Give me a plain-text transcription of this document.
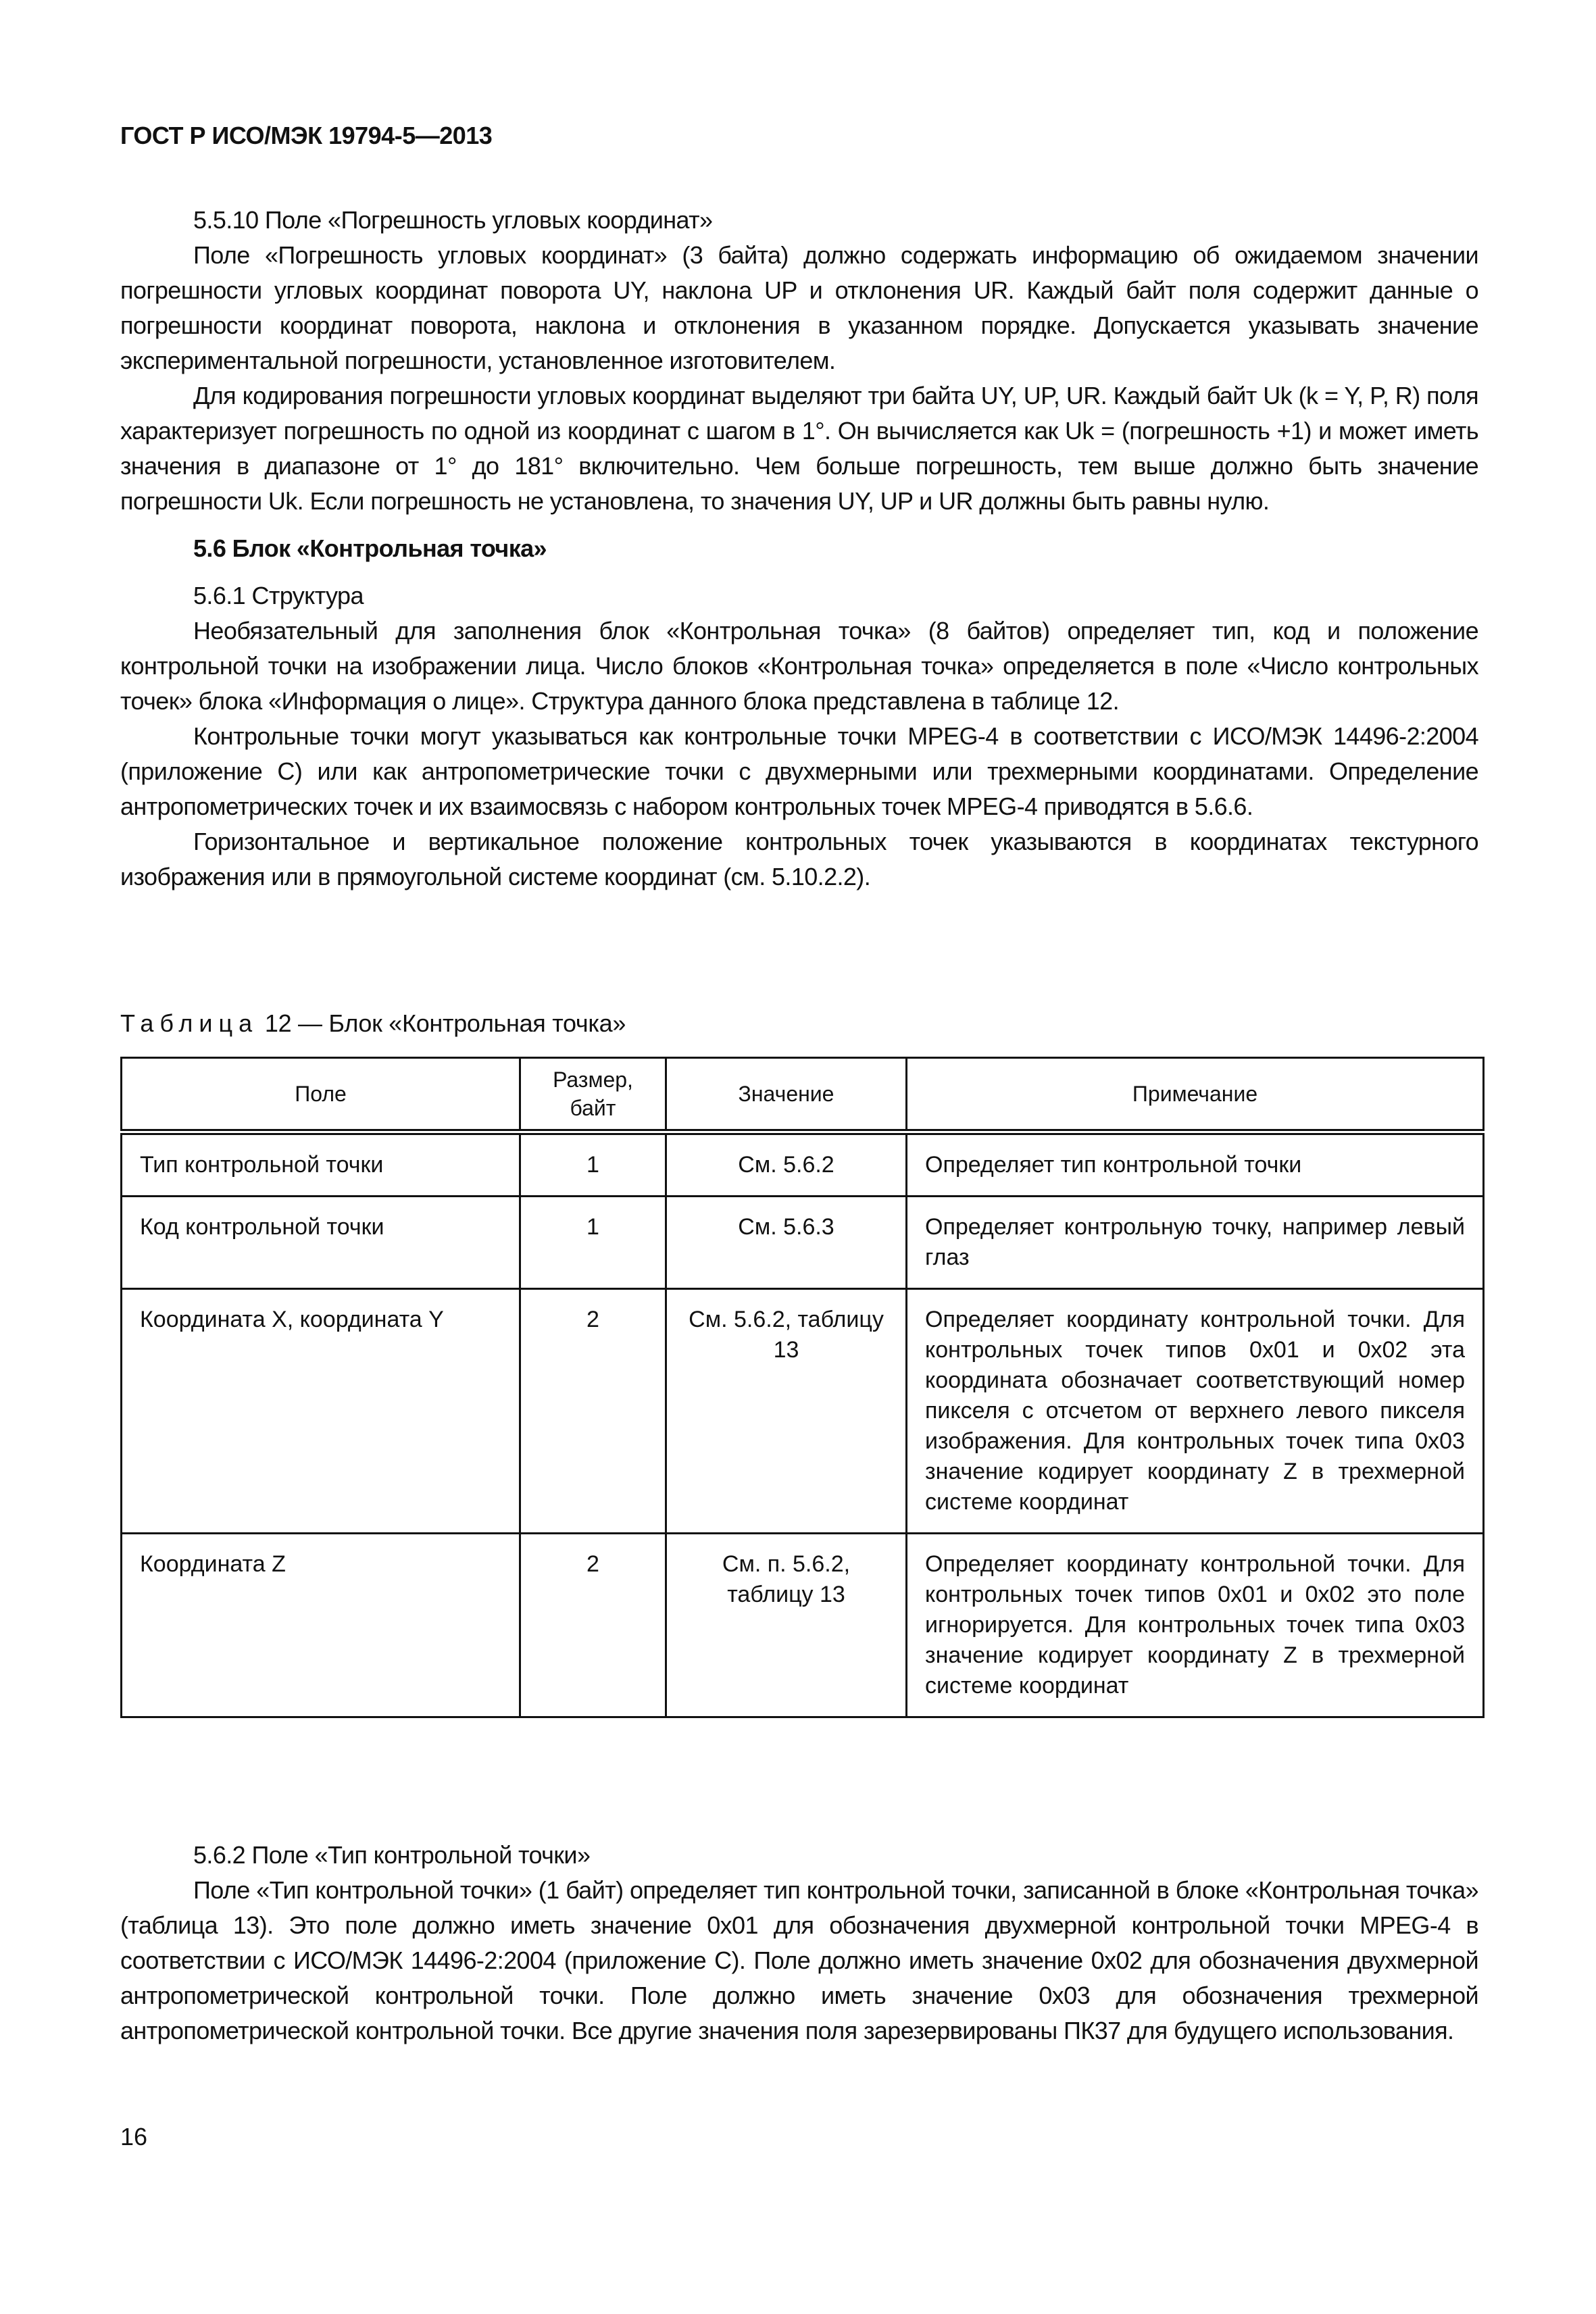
ГОСТ Р ИСО/МЭК 19794-5—2013

5.5.10 Поле «Погрешность угловых координат»

Поле «Погрешность угловых координат» (3 байта) должно содержать информацию об ожидаемом значении погрешности угловых координат поворота UY, наклона UP и отклонения UR. Каждый байт поля содержит данные о погрешности координат поворота, наклона и отклонения в указанном порядке. Допускается указывать значение экспериментальной погрешности, установленное изготовителем.

Для кодирования погрешности угловых координат выделяют три байта UY, UP, UR. Каждый байт Uk (k = Y, P, R) поля характеризует погрешность по одной из координат с шагом в 1°. Он вычисляется как Uk = (погрешность +1) и может иметь значения в диапазоне от 1° до 181° включительно. Чем больше погрешность, тем выше должно быть значение погрешности Uk. Если погрешность не установлена, то значения UY, UP и UR должны быть равны нулю.

5.6 Блок «Контрольная точка»

5.6.1 Структура

Необязательный для заполнения блок «Контрольная точка» (8 байтов) определяет тип, код и положение контрольной точки на изображении лица. Число блоков «Контрольная точка» определяется в поле «Число контрольных точек» блока «Информация о лице». Структура данного блока представлена в таблице 12.

Контрольные точки могут указываться как контрольные точки MPEG-4 в соответствии с ИСО/МЭК 14496-2:2004 (приложение С) или как антропометрические точки с двухмерными или трехмерными координатами. Определение антропометрических точек и их взаимосвязь с набором контрольных точек MPEG-4 приводятся в 5.6.6.

Горизонтальное и вертикальное положение контрольных точек указываются в координатах текстурного изображения или в прямоугольной системе координат (см. 5.10.2.2).

Таблица 12 — Блок «Контрольная точка»
Поле	Размер, байт	Значение	Примечание
Тип контрольной точки	1	См. 5.6.2	Определяет тип контрольной точки
Код контрольной точки	1	См. 5.6.3	Определяет контрольную точку, например левый глаз
Координата X, координата Y	2	См. 5.6.2, таблицу 13	Определяет координату контрольной точки. Для контрольных точек типов 0x01 и 0x02 эта координата обозначает соответствующий номер пикселя с отсчетом от верхнего левого пикселя изображения. Для контрольных точек типа 0x03 значение кодирует координату Z в трехмерной системе координат
Координата Z	2	См. п. 5.6.2, таблицу 13	Определяет координату контрольной точки. Для контрольных точек типов 0x01 и 0x02 это поле игнорируется. Для контрольных точек типа 0x03 значение кодирует координату Z в трехмерной системе координат

5.6.2 Поле «Тип контрольной точки»

Поле «Тип контрольной точки» (1 байт) определяет тип контрольной точки, записанной в блоке «Контрольная точка» (таблица 13). Это поле должно иметь значение 0x01 для обозначения двухмерной контрольной точки MPEG-4 в соответствии с ИСО/МЭК 14496-2:2004 (приложение С). Поле должно иметь значение 0x02 для обозначения двухмерной антропометрической контрольной точки. Поле должно иметь значение 0x03 для обозначения трехмерной антропометрической контрольной точки. Все другие значения поля зарезервированы ПК37 для будущего использования.

16
